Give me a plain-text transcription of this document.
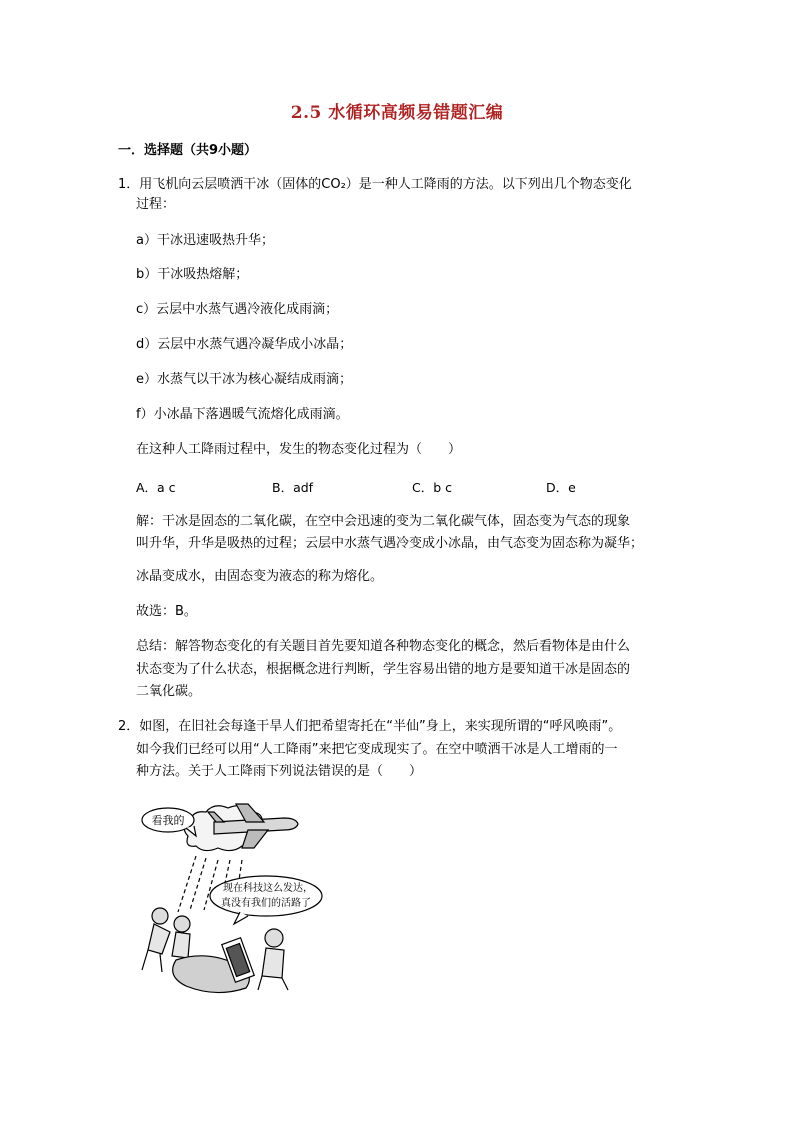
2.5 水循环高频易错题汇编
一．选择题（共9小题）
1．用飞机向云层喷洒干冰（固体的CO₂）是一种人工降雨的方法。以下列出几个物态变化
过程：
a）干冰迅速吸热升华；
b）干冰吸热熔解；
c）云层中水蒸气遇冷液化成雨滴；
d）云层中水蒸气遇冷凝华成小冰晶；
e）水蒸气以干冰为核心凝结成雨滴；
f）小冰晶下落遇暖气流熔化成雨滴。
在这种人工降雨过程中，发生的物态变化过程为（　　）
A．a c	B．adf	C．b c	D．e
解：干冰是固态的二氧化碳，在空中会迅速的变为二氧化碳气体，固态变为气态的现象
叫升华，升华是吸热的过程；云层中水蒸气遇冷变成小冰晶，由气态变为固态称为凝华；
冰晶变成水，由固态变为液态的称为熔化。
故选：B。
总结：解答物态变化的有关题目首先要知道各种物态变化的概念，然后看物体是由什么
状态变为了什么状态，根据概念进行判断，学生容易出错的地方是要知道干冰是固态的
二氧化碳。
2．如图，在旧社会每逢干旱人们把希望寄托在“半仙”身上，来实现所谓的“呼风唤雨”。
如今我们已经可以用“人工降雨”来把它变成现实了。在空中喷洒干冰是人工增雨的一
种方法。关于人工降雨下列说法错误的是（　　）
看我的
现在科技这么发达，
真没有我们的活路了
